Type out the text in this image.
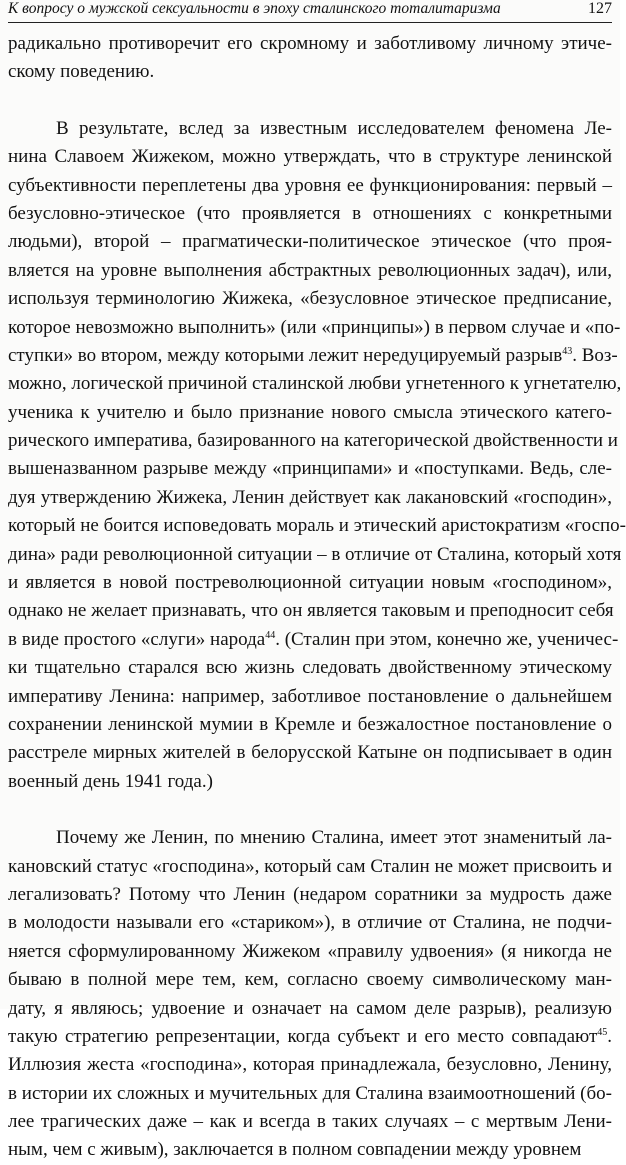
К вопросу о мужской сексуальности в эпоху сталинского тоталитаризма	127
радикально противоречит его скромному и заботливому личному этиче-
скому поведению.
В результате, вслед за известным исследователем феномена Ле-
нина Славоем Жижеком, можно утверждать, что в структуре ленинской
субъективности переплетены два уровня ее функционирования: первый –
безусловно-этическое (что проявляется в отношениях с конкретными
людьми), второй – прагматически-политическое этическое (что проя-
вляется на уровне выполнения абстрактных революционных задач), или,
используя терминологию Жижека, «безусловное этическое предписание,
которое невозможно выполнить» (или «принципы») в первом случае и «по-
ступки» во втором, между которыми лежит нередуцируемый разрыв$^{43}$. Воз-
можно, логической причиной сталинской любви угнетенного к угнетателю,
ученика к учителю и было признание нового смысла этического катего-
рического императива, базированного на категорической двойственности и
вышеназванном разрыве между «принципами» и «поступками. Ведь, сле-
дуя утверждению Жижека, Ленин действует как лакановский «господин»,
который не боится исповедовать мораль и этический аристократизм «госпо-
дина» ради революционной ситуации – в отличие от Сталина, который хотя
и является в новой постреволюционной ситуации новым «господином»,
однако не желает признавать, что он является таковым и преподносит себя
в виде простого «слуги» народа$^{44}$. (Сталин при этом, конечно же, ученичес-
ки тщательно старался всю жизнь следовать двойственному этическому
императиву Ленина: например, заботливое постановление о дальнейшем
сохранении ленинской мумии в Кремле и безжалостное постановление о
расстреле мирных жителей в белорусской Катыне он подписывает в один
военный день 1941 года.)
Почему же Ленин, по мнению Сталина, имеет этот знаменитый ла-
кановский статус «господина», который сам Сталин не может присвоить и
легализовать? Потому что Ленин (недаром соратники за мудрость даже
в молодости называли его «стариком»), в отличие от Сталина, не подчи-
няется сформулированному Жижеком «правилу удвоения» (я никогда не
бываю в полной мере тем, кем, согласно своему символическому ман-
дату, я являюсь; удвоение и означает на самом деле разрыв), реализую
такую стратегию репрезентации, когда субъект и его место совпадают$^{45}$.
Иллюзия жеста «господина», которая принадлежала, безусловно, Ленину,
в истории их сложных и мучительных для Сталина взаимоотношений (бо-
лее трагических даже – как и всегда в таких случаях – с мертвым Лени-
ным, чем с живым), заключается в полном совпадении между уровнем
